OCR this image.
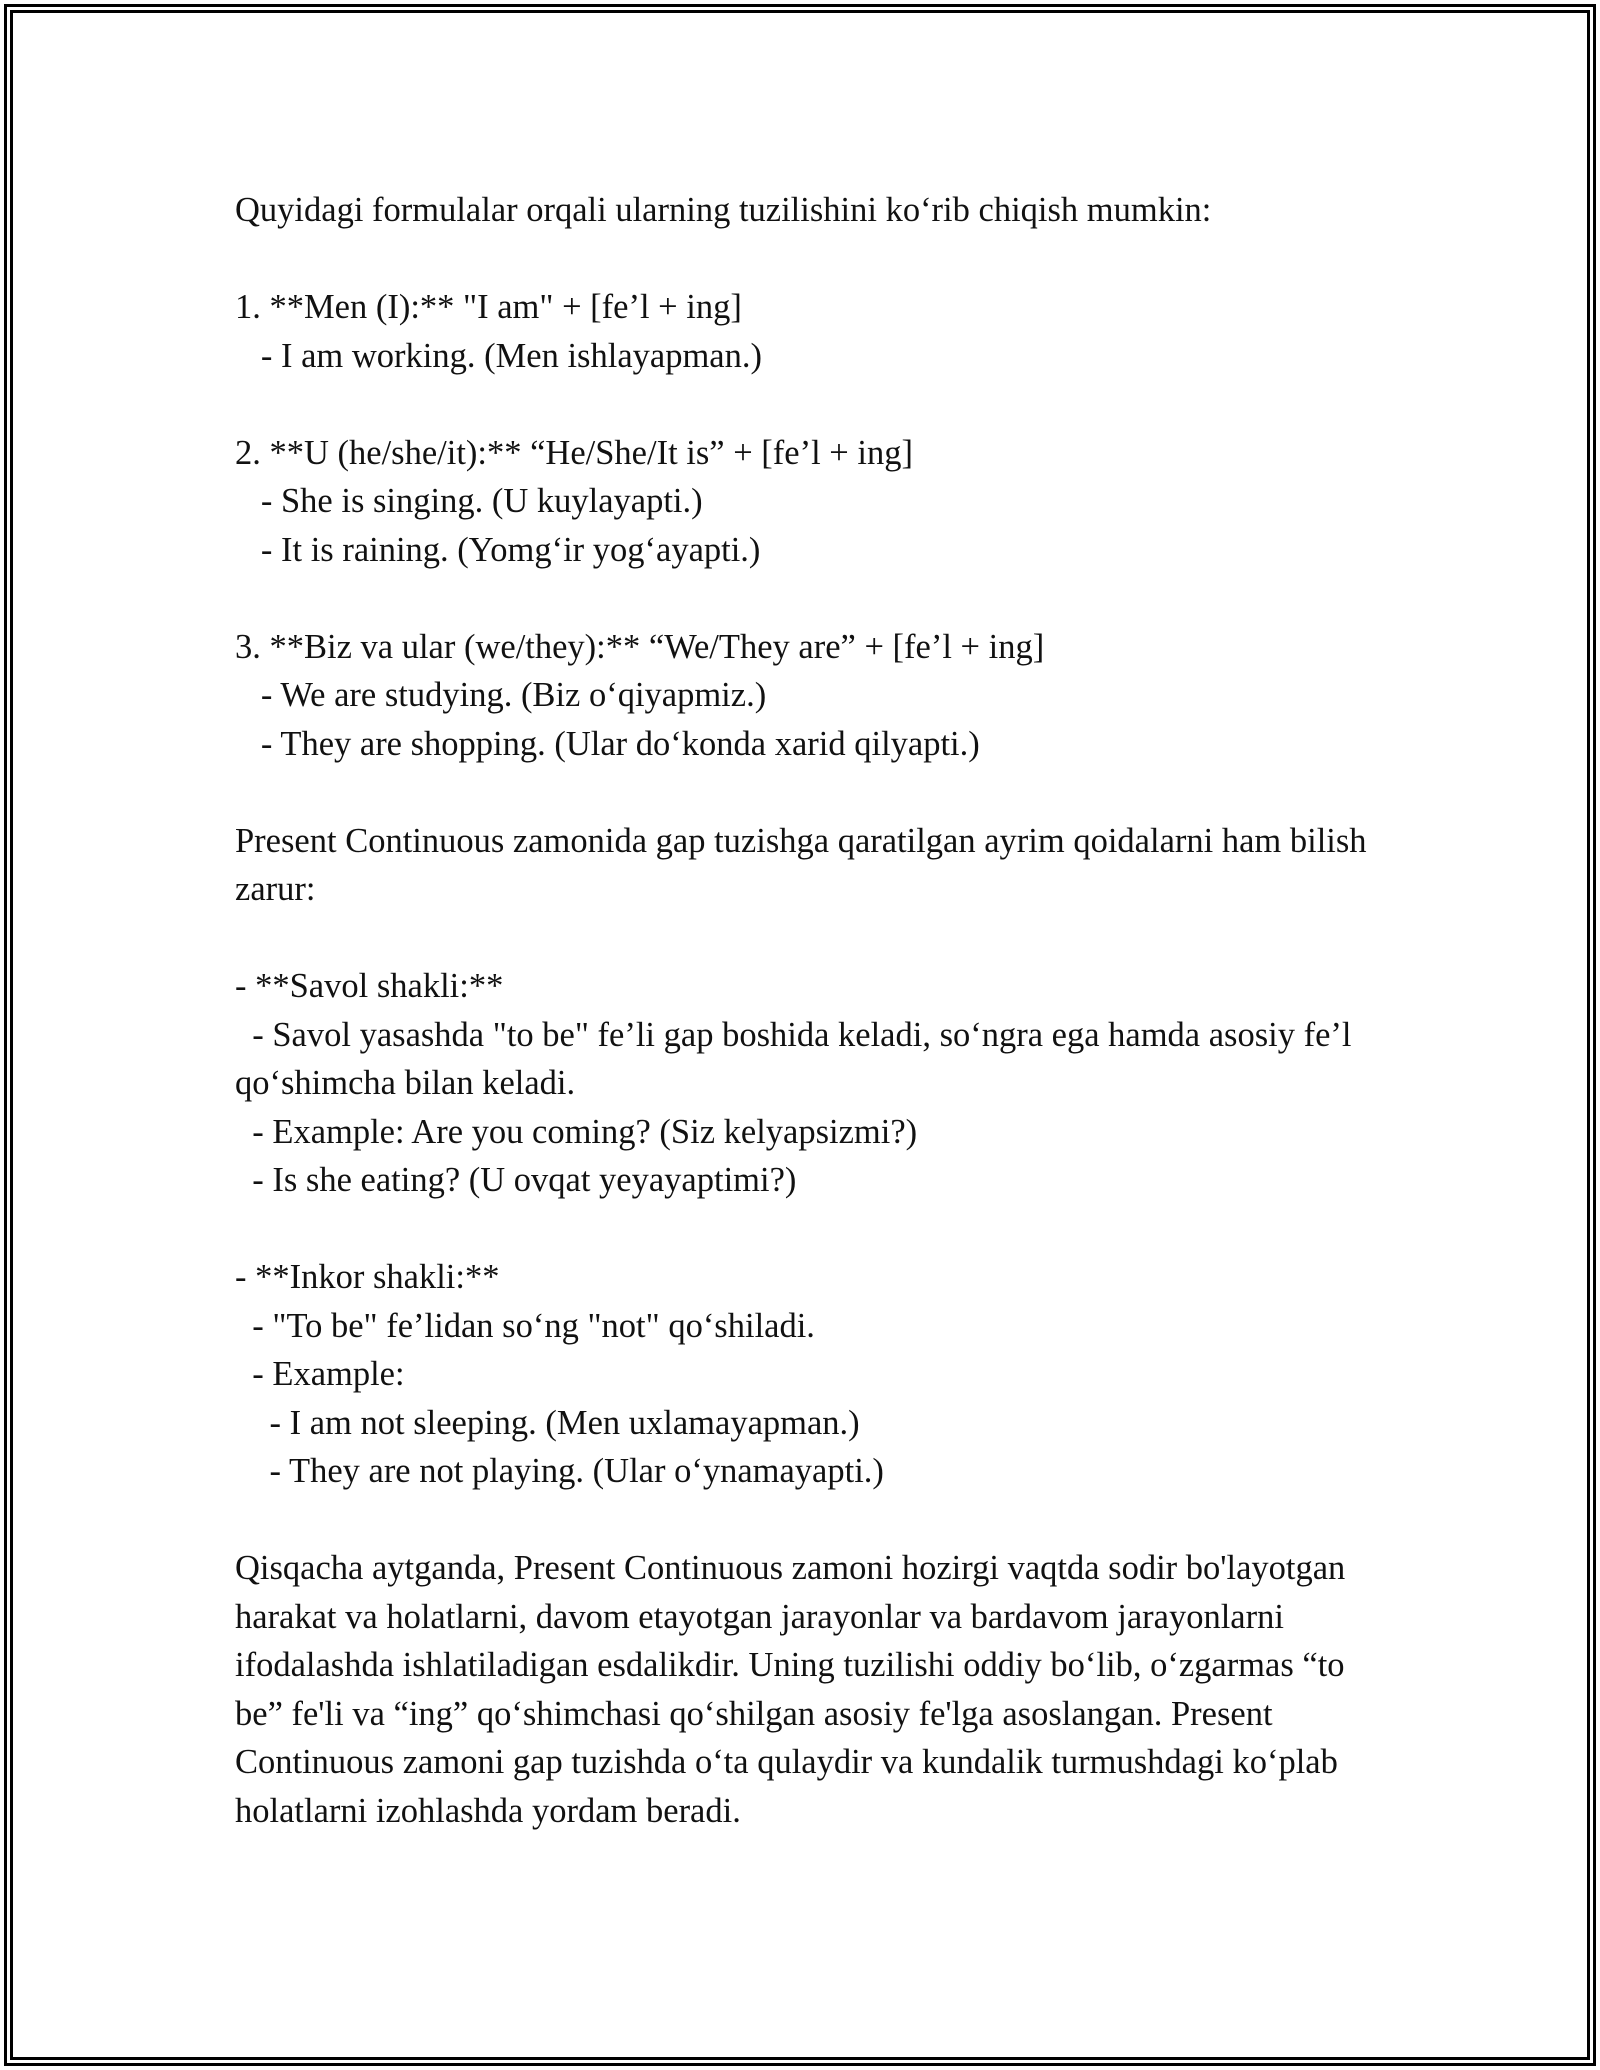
Quyidagi formulalar orqali ularning tuzilishini ko‘rib chiqish mumkin:

1. **Men (I):** "I am" + [fe’l + ing]

- I am working. (Men ishlayapman.)

2. **U (he/she/it):** “He/She/It is” + [fe’l + ing]

- She is singing. (U kuylayapti.)

- It is raining. (Yomg‘ir yog‘ayapti.)

3. **Biz va ular (we/they):** “We/They are” + [fe’l + ing]

- We are studying. (Biz o‘qiyapmiz.)

- They are shopping. (Ular do‘konda xarid qilyapti.)

Present Continuous zamonida gap tuzishga qaratilgan ayrim qoidalarni ham bilish zarur:

- **Savol shakli:**

- Savol yasashda "to be" fe’li gap boshida keladi, so‘ngra ega hamda asosiy fe’l qo‘shimcha bilan keladi.

- Example: Are you coming? (Siz kelyapsizmi?)

- Is she eating? (U ovqat yeyayaptimi?)

- **Inkor shakli:**

- "To be" fe’lidan so‘ng "not" qo‘shiladi.

- Example:

- I am not sleeping. (Men uxlamayapman.)

- They are not playing. (Ular o‘ynamayapti.)

Qisqacha aytganda, Present Continuous zamoni hozirgi vaqtda sodir bo'layotgan harakat va holatlarni, davom etayotgan jarayonlar va bardavom jarayonlarni ifodalashda ishlatiladigan esdalikdir. Uning tuzilishi oddiy bo‘lib, o‘zgarmas “to be” fe'li va “ing” qo‘shimchasi qo‘shilgan asosiy fe'lga asoslangan. Present Continuous zamoni gap tuzishda o‘ta qulaydir va kundalik turmushdagi ko‘plab holatlarni izohlashda yordam beradi.
